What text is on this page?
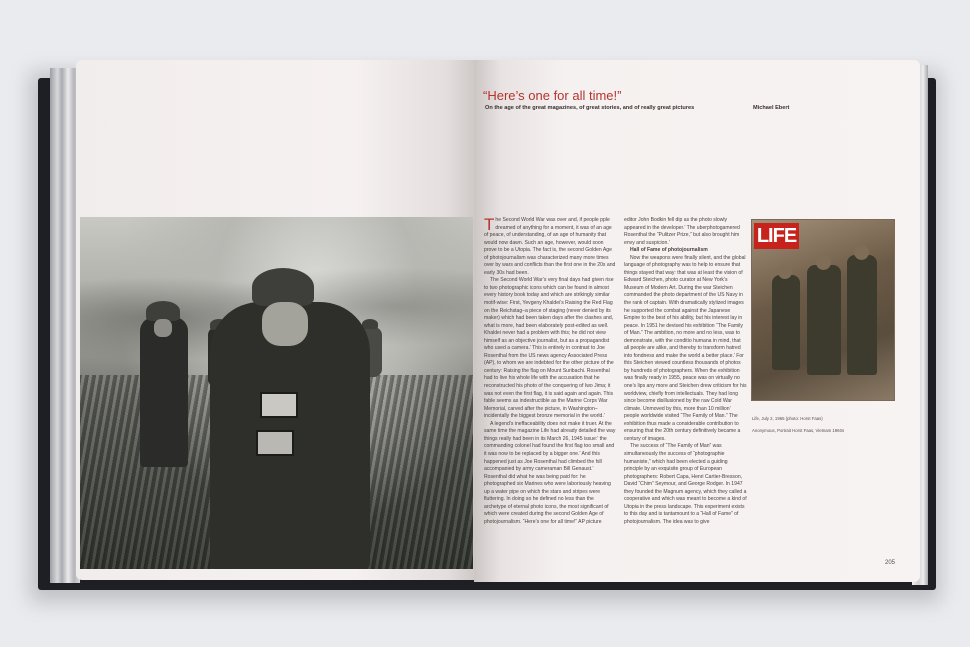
“Here’s one for all time!”
On the age of the great magazines, of great stories, and of really great pictures	Michael Ebert

The Second World War was over and, if people pple dreamed of anything for a moment, it was of an age of peace, of understanding, of an age of humanity that would now dawn. Such an age, however, would soon prove to be a Utopia. The fact is, the second Golden Age of photojournalism was characterized many more times over by wars and conflicts than the first one in the 20s and early 30s had been.

The Second World War’s very final days had given rise to two photographic icons which can be found in almost every history book today and which are strikingly similar motif-wise: First, Yevgeny Khaldei’s Raising the Red Flag on the Reichstag–a piece of staging (never denied by its maker) which had been taken days after the clashes and, what is more, had been elaborately post-edited as well. Khaldei never had a problem with this; he did not view himself as an objective journalist, but as a propagandist who used a camera.’ This is entirely in contrast to Joe Rosenthal from the US news agency Associated Press (AP), to whom we are indebted for the other picture of the century: Raising the flag on Mount Suribachi. Rosenthal had to live his whole life with the accusation that he reconstructed his photo of the conquering of Iwo Jima; it was not even the first flag, it is said again and again. This fable seems as indestructible as the Marine Corps War Memorial, carved after the picture, in Washington–incidentally the biggest bronze memorial in the world.’

A legend’s ineffaceability does not make it truer. At the same time the magazine Life had already detailed the way things really had been in its March 26, 1945 issue:’ the commanding colonel had found the first flag too small and it was now to be replaced by a bigger one.’ And this happened just as Joe Rosenthal had climbed the hill accompanied by army cameraman Bill Genaust.’ Rosenthal did what he was being paid for: he photographed six Marines who were laboriously heaving up a water pipe on which the stars and stripes were fluttering. In doing so he defined no less than the archetype of eternal photo icons, the most significant of which were created during the second Golden Age of photojournalism. “Here’s one for all time!” AP picture

editor John Bodkin fell dip as the photo slowly appeared in the developer.’ The uberphotogamered Rosenthal the “Pulitzer Prize,” but also brought him envy and suspicion.’

Hall of Fame of photojournalism

Now the weapons were finally silent, and the global language of photography was to help to ensure that things stayed that way: that was at least the vision of Edward Steichen, photo curator at New York’s Museum of Modern Art. During the war Steichen commanded the photo department of the US Navy in the rank of captain. With dramatically stylized images he supported the combat against the Japanese Empire to the best of his ability, but his interest lay in peace. In 1951 he devised his exhibition “The Family of Man.” The ambition, no more and no less, was to demonstrate, with the conditio humana in mind, that all people are alike, and thereby to transform hatred into fondness and make the world a better place.’ For this Steichen viewed countless thousands of photos by hundreds of photographers. When the exhibition was finally ready in 1955, peace was on virtually no one’s lips any more and Steichen drew criticism for his worldview, chiefly from intellectuals. They had long since become disillusioned by the raw Cold War climate. Unmoved by this, more than 10 million’ people worldwide visited “The Family of Man.” The exhibition thus made a considerable contribution to ensuring that the 20th century definitively became a century of images.

The success of “The Family of Man” was simultaneously the success of “photographie humaniste,” which had been elected a guiding principle by an exquisite group of European photographers: Robert Capa, Henri Cartier-Bresson, David “Chim” Seymour, and George Rodger. In 1947 they founded the Magnum agency, which they called a cooperative and which was meant to become a kind of Utopia in the press landscape. This experiment exists to this day and is tantamount to a “Hall of Fame” of photojournalism. The idea was to give

LIFE
Life, July 2, 1965 (photo: Horst Faas)
Anonymous, Portrait Horst Faas, Vietnam 1960s
205
